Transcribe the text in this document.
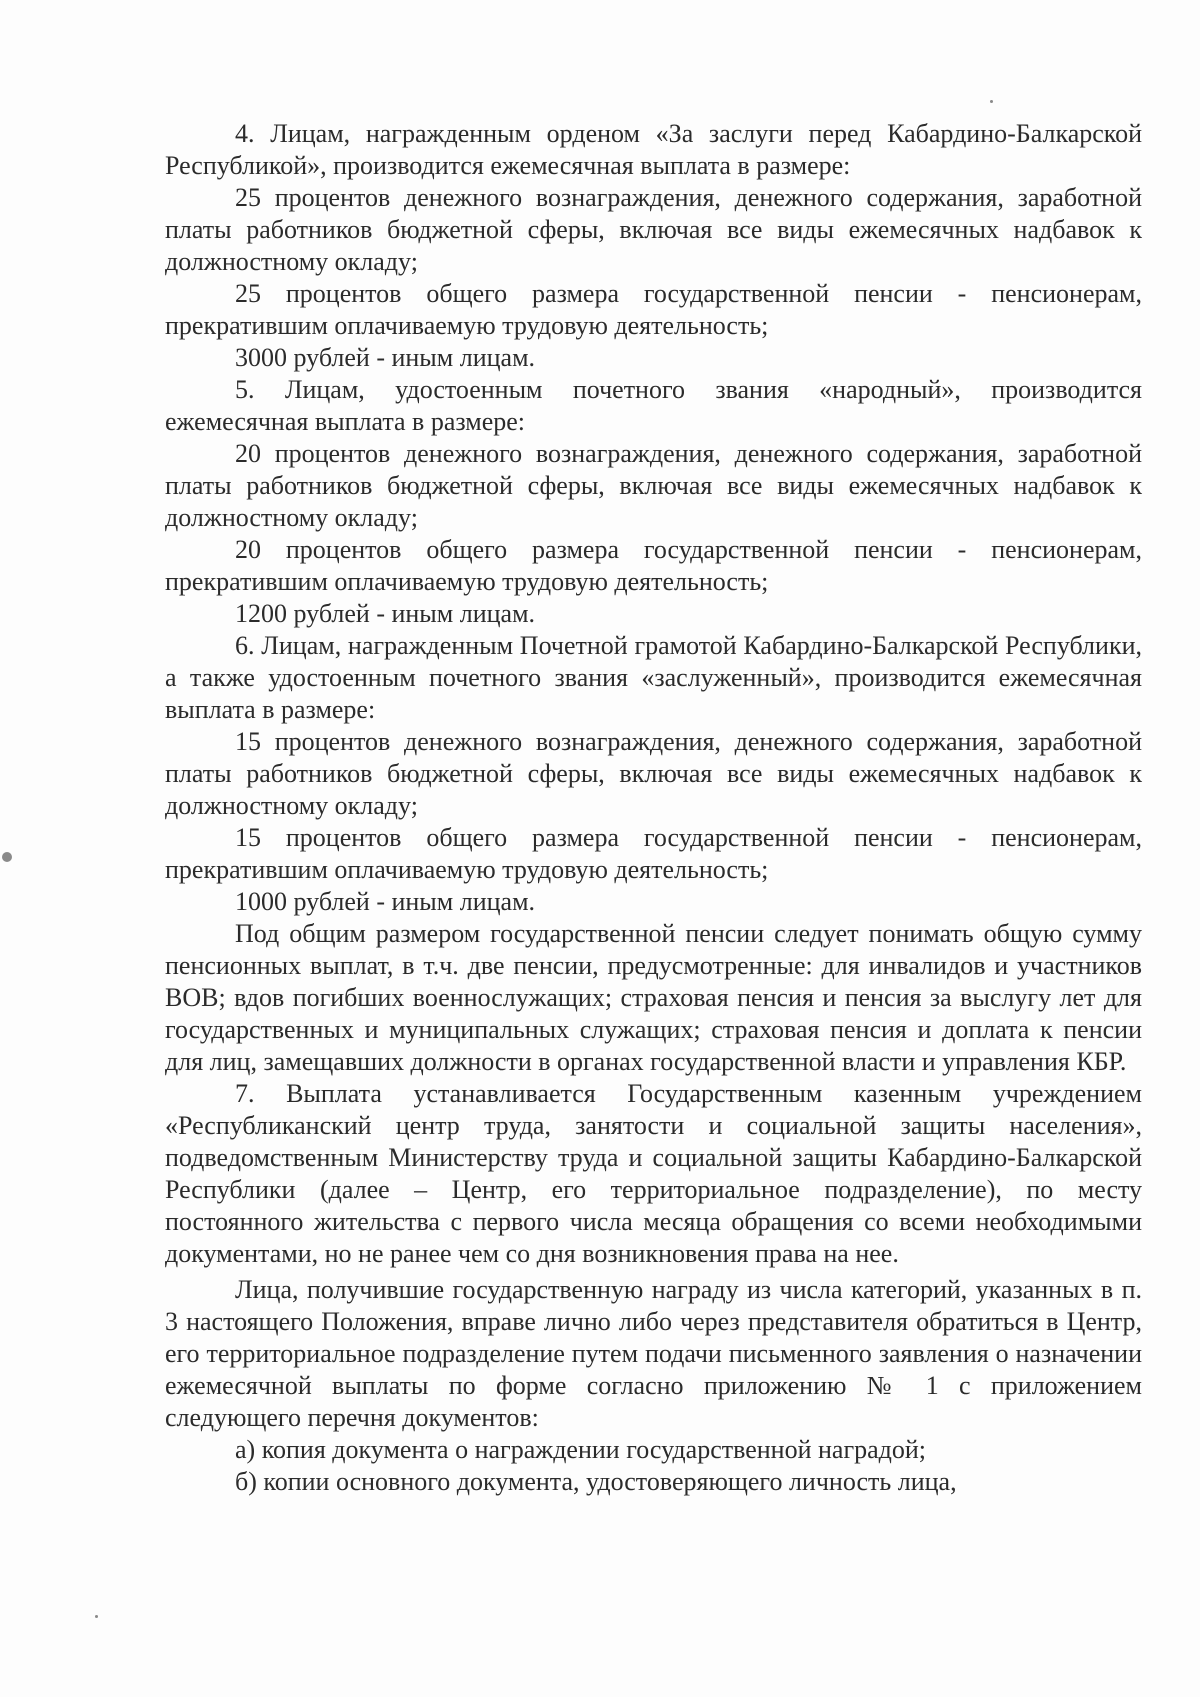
4. Лицам, награжденным орденом «За заслуги перед Кабардино-Балкарской Республикой», производится ежемесячная выплата в размере:

25 процентов денежного вознаграждения, денежного содержания, заработной платы работников бюджетной сферы, включая все виды ежемесячных надбавок к должностному окладу;

25 процентов общего размера государственной пенсии - пенсионерам, прекратившим оплачиваемую трудовую деятельность;

3000 рублей - иным лицам.

5. Лицам, удостоенным почетного звания «народный», производится ежемесячная выплата в размере:

20 процентов денежного вознаграждения, денежного содержания, заработной платы работников бюджетной сферы, включая все виды ежемесячных надбавок к должностному окладу;

20 процентов общего размера государственной пенсии - пенсионерам, прекратившим оплачиваемую трудовую деятельность;

1200 рублей - иным лицам.

6. Лицам, награжденным Почетной грамотой Кабардино-Балкарской Республики, а также удостоенным почетного звания «заслуженный», производится ежемесячная выплата в размере:

15 процентов денежного вознаграждения, денежного содержания, заработной платы работников бюджетной сферы, включая все виды ежемесячных надбавок к должностному окладу;

15 процентов общего размера государственной пенсии - пенсионерам, прекратившим оплачиваемую трудовую деятельность;

1000 рублей - иным лицам.

Под общим размером государственной пенсии следует понимать общую сумму пенсионных выплат, в т.ч. две пенсии, предусмотренные: для инвалидов и участников ВОВ; вдов погибших военнослужащих; страховая пенсия и пенсия за выслугу лет для государственных и муниципальных служащих; страховая пенсия и доплата к пенсии для лиц, замещавших должности в органах государственной власти и управления КБР.

7. Выплата устанавливается Государственным казенным учреждением «Республиканский центр труда, занятости и социальной защиты населения», подведомственным Министерству труда и социальной защиты Кабардино-Балкарской Республики (далее – Центр, его территориальное подразделение), по месту постоянного жительства с первого числа месяца обращения со всеми необходимыми документами, но не ранее чем со дня возникновения права на нее.

Лица, получившие государственную награду из числа категорий, указанных в п. 3 настоящего Положения, вправе лично либо через представителя обратиться в Центр, его территориальное подразделение путем подачи письменного заявления о назначении ежемесячной выплаты по форме согласно приложению № 1 с приложением следующего перечня документов:

а) копия документа о награждении государственной наградой;

б) копии основного документа, удостоверяющего личность лица,
